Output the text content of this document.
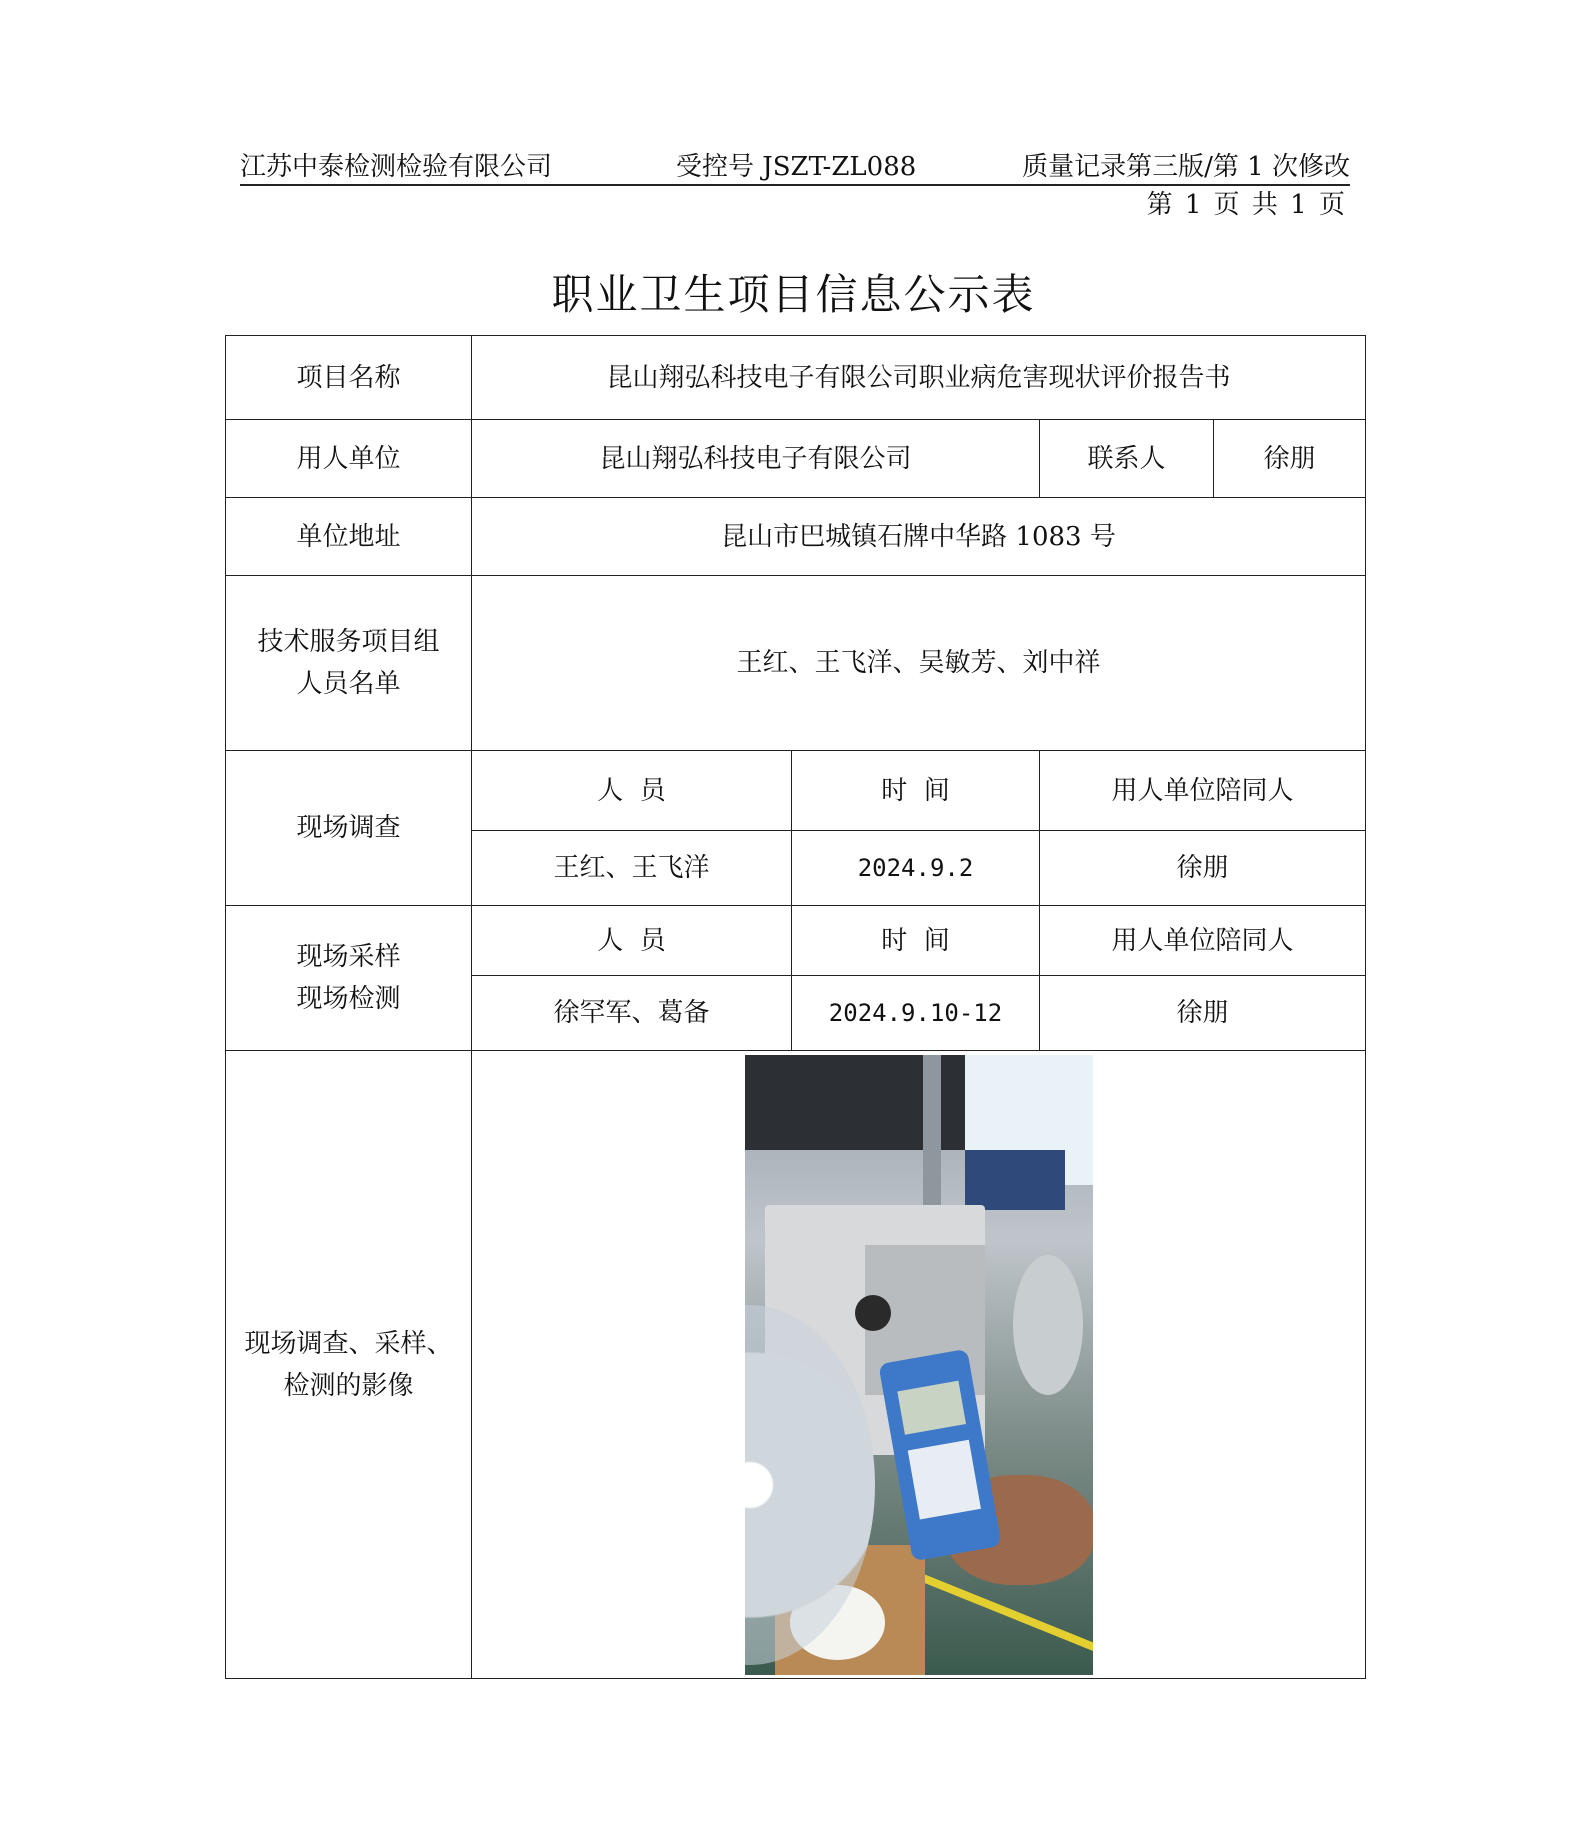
江苏中泰检测检验有限公司	受控号 JSZT-ZL088	质量记录第三版/第 1 次修改
第 1 页 共 1 页
职业卫生项目信息公示表
项目名称	昆山翔弘科技电子有限公司职业病危害现状评价报告书			
用人单位	昆山翔弘科技电子有限公司		联系人	徐朋
单位地址	昆山市巴城镇石牌中华路 1083 号			

技术服务项目组
人员名单	王红、王飞洋、吴敏芳、刘中祥			
现场调查	人  员	时  间	用人单位陪同人	
	王红、王飞洋	2024.9.2	徐朋	

现场采样
现场检测	人  员	时  间	用人单位陪同人	
	徐罕军、葛备	2024.9.10-12	徐朋	

现场调查、采样、
检测的影像				
